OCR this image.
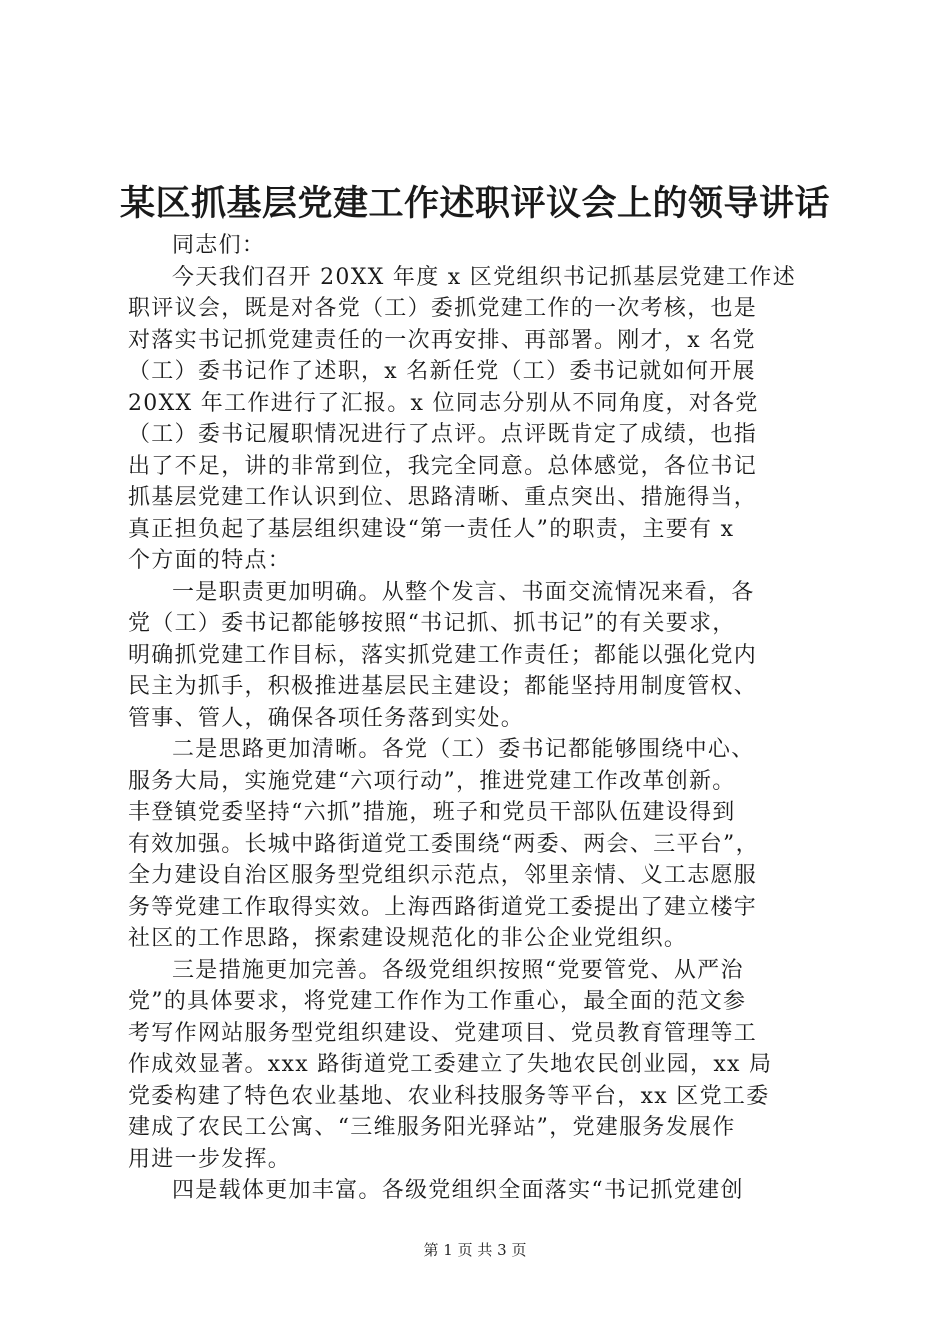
某区抓基层党建工作述职评议会上的领导讲话
同志们：
今天我们召开 20XX 年度 x 区党组织书记抓基层党建工作述
职评议会，既是对各党（工）委抓党建工作的一次考核，也是
对落实书记抓党建责任的一次再安排、再部署。刚才，x 名党
（工）委书记作了述职，x 名新任党（工）委书记就如何开展
20XX 年工作进行了汇报。x 位同志分别从不同角度，对各党
（工）委书记履职情况进行了点评。点评既肯定了成绩，也指
出了不足，讲的非常到位，我完全同意。总体感觉，各位书记
抓基层党建工作认识到位、思路清晰、重点突出、措施得当，
真正担负起了基层组织建设“第一责任人”的职责，主要有 x
个方面的特点：
一是职责更加明确。从整个发言、书面交流情况来看，各
党（工）委书记都能够按照“书记抓、抓书记”的有关要求，
明确抓党建工作目标，落实抓党建工作责任；都能以强化党内
民主为抓手，积极推进基层民主建设；都能坚持用制度管权、
管事、管人，确保各项任务落到实处。
二是思路更加清晰。各党（工）委书记都能够围绕中心、
服务大局，实施党建“六项行动”，推进党建工作改革创新。
丰登镇党委坚持“六抓”措施，班子和党员干部队伍建设得到
有效加强。长城中路街道党工委围绕“两委、两会、三平台”，
全力建设自治区服务型党组织示范点，邻里亲情、义工志愿服
务等党建工作取得实效。上海西路街道党工委提出了建立楼宇
社区的工作思路，探索建设规范化的非公企业党组织。
三是措施更加完善。各级党组织按照“党要管党、从严治
党”的具体要求，将党建工作作为工作重心，最全面的范文参
考写作网站服务型党组织建设、党建项目、党员教育管理等工
作成效显著。xxx 路街道党工委建立了失地农民创业园，xx 局
党委构建了特色农业基地、农业科技服务等平台，xx 区党工委
建成了农民工公寓、“三维服务阳光驿站”，党建服务发展作
用进一步发挥。
四是载体更加丰富。各级党组织全面落实“书记抓党建创
第 1 页 共 3 页
